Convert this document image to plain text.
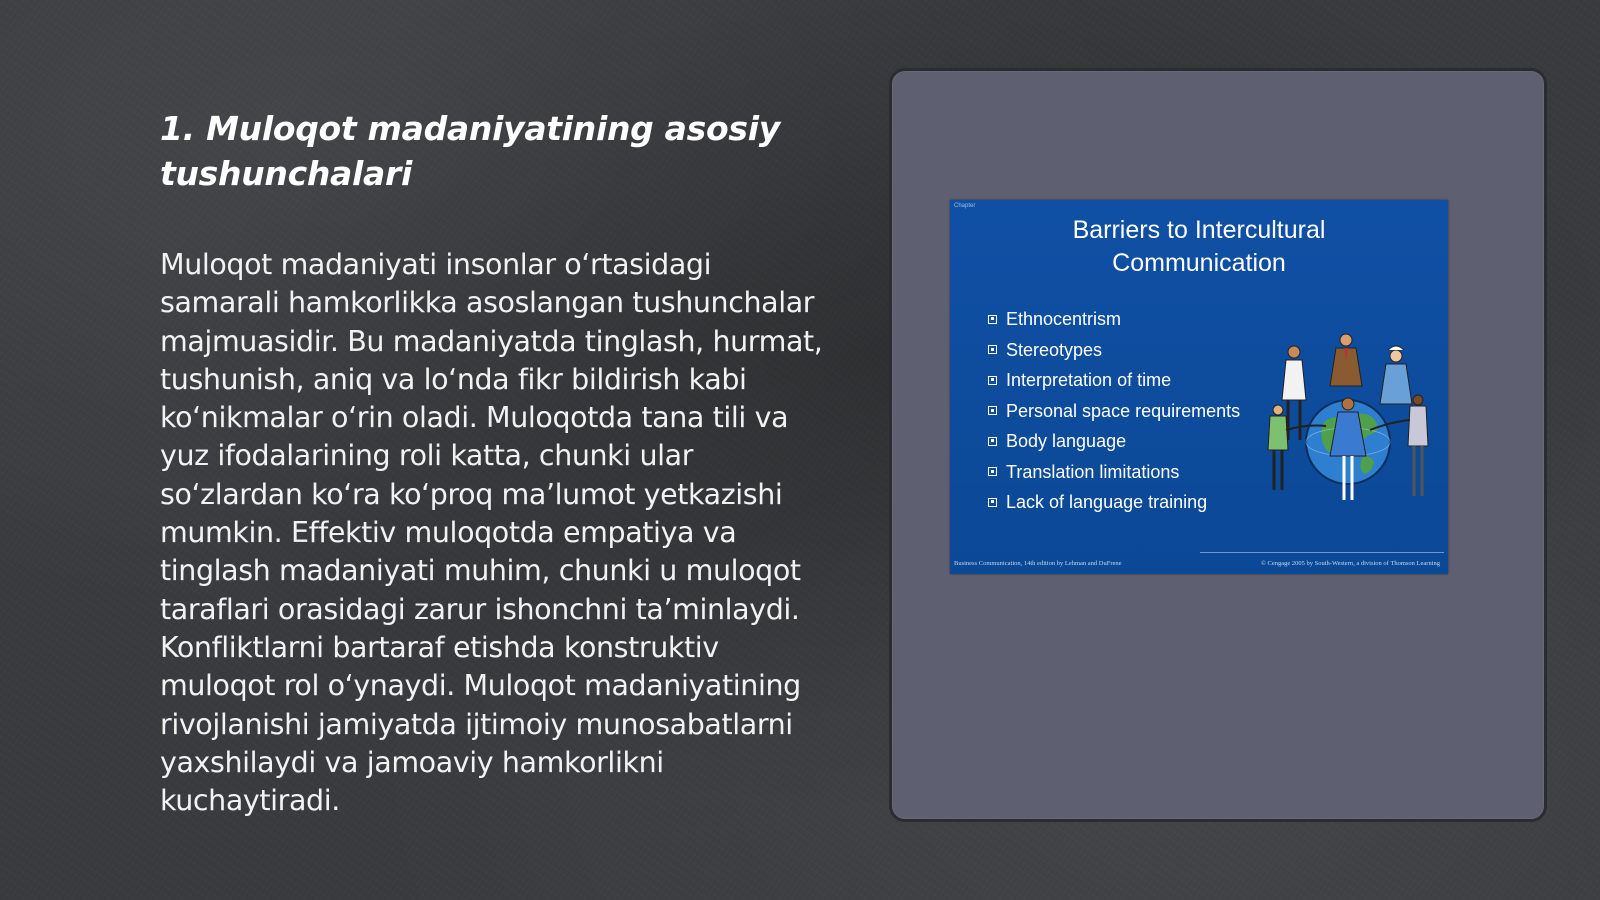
1. Muloqot madaniyatining asosiy tushunchalari

Muloqot madaniyati insonlar o‘rtasidagi samarali hamkorlikka asoslangan tushunchalar majmuasidir. Bu madaniyatda tinglash, hurmat, tushunish, aniq va lo‘nda fikr bildirish kabi ko‘nikmalar o‘rin oladi. Muloqotda tana tili va yuz ifodalarining roli katta, chunki ular so‘zlardan ko‘ra ko‘proq ma’lumot yetkazishi mumkin. Effektiv muloqotda empatiya va tinglash madaniyati muhim, chunki u muloqot taraflari orasidagi zarur ishonchni ta’minlaydi. Konfliktlarni bartaraf etishda konstruktiv muloqot rol o‘ynaydi. Muloqot madaniyatining rivojlanishi jamiyatda ijtimoiy munosabatlarni yaxshilaydi va jamoaviy hamkorlikni kuchaytiradi.

Chapter
Barriers to Intercultural
Communication
Ethnocentrism
Stereotypes
Interpretation of time
Personal space requirements
Body language
Translation limitations
Lack of language training
Business Communication, 14th edition by Lehman and DuFrene	© Cengage 2005 by South-Western, a division of Thomson Learning
